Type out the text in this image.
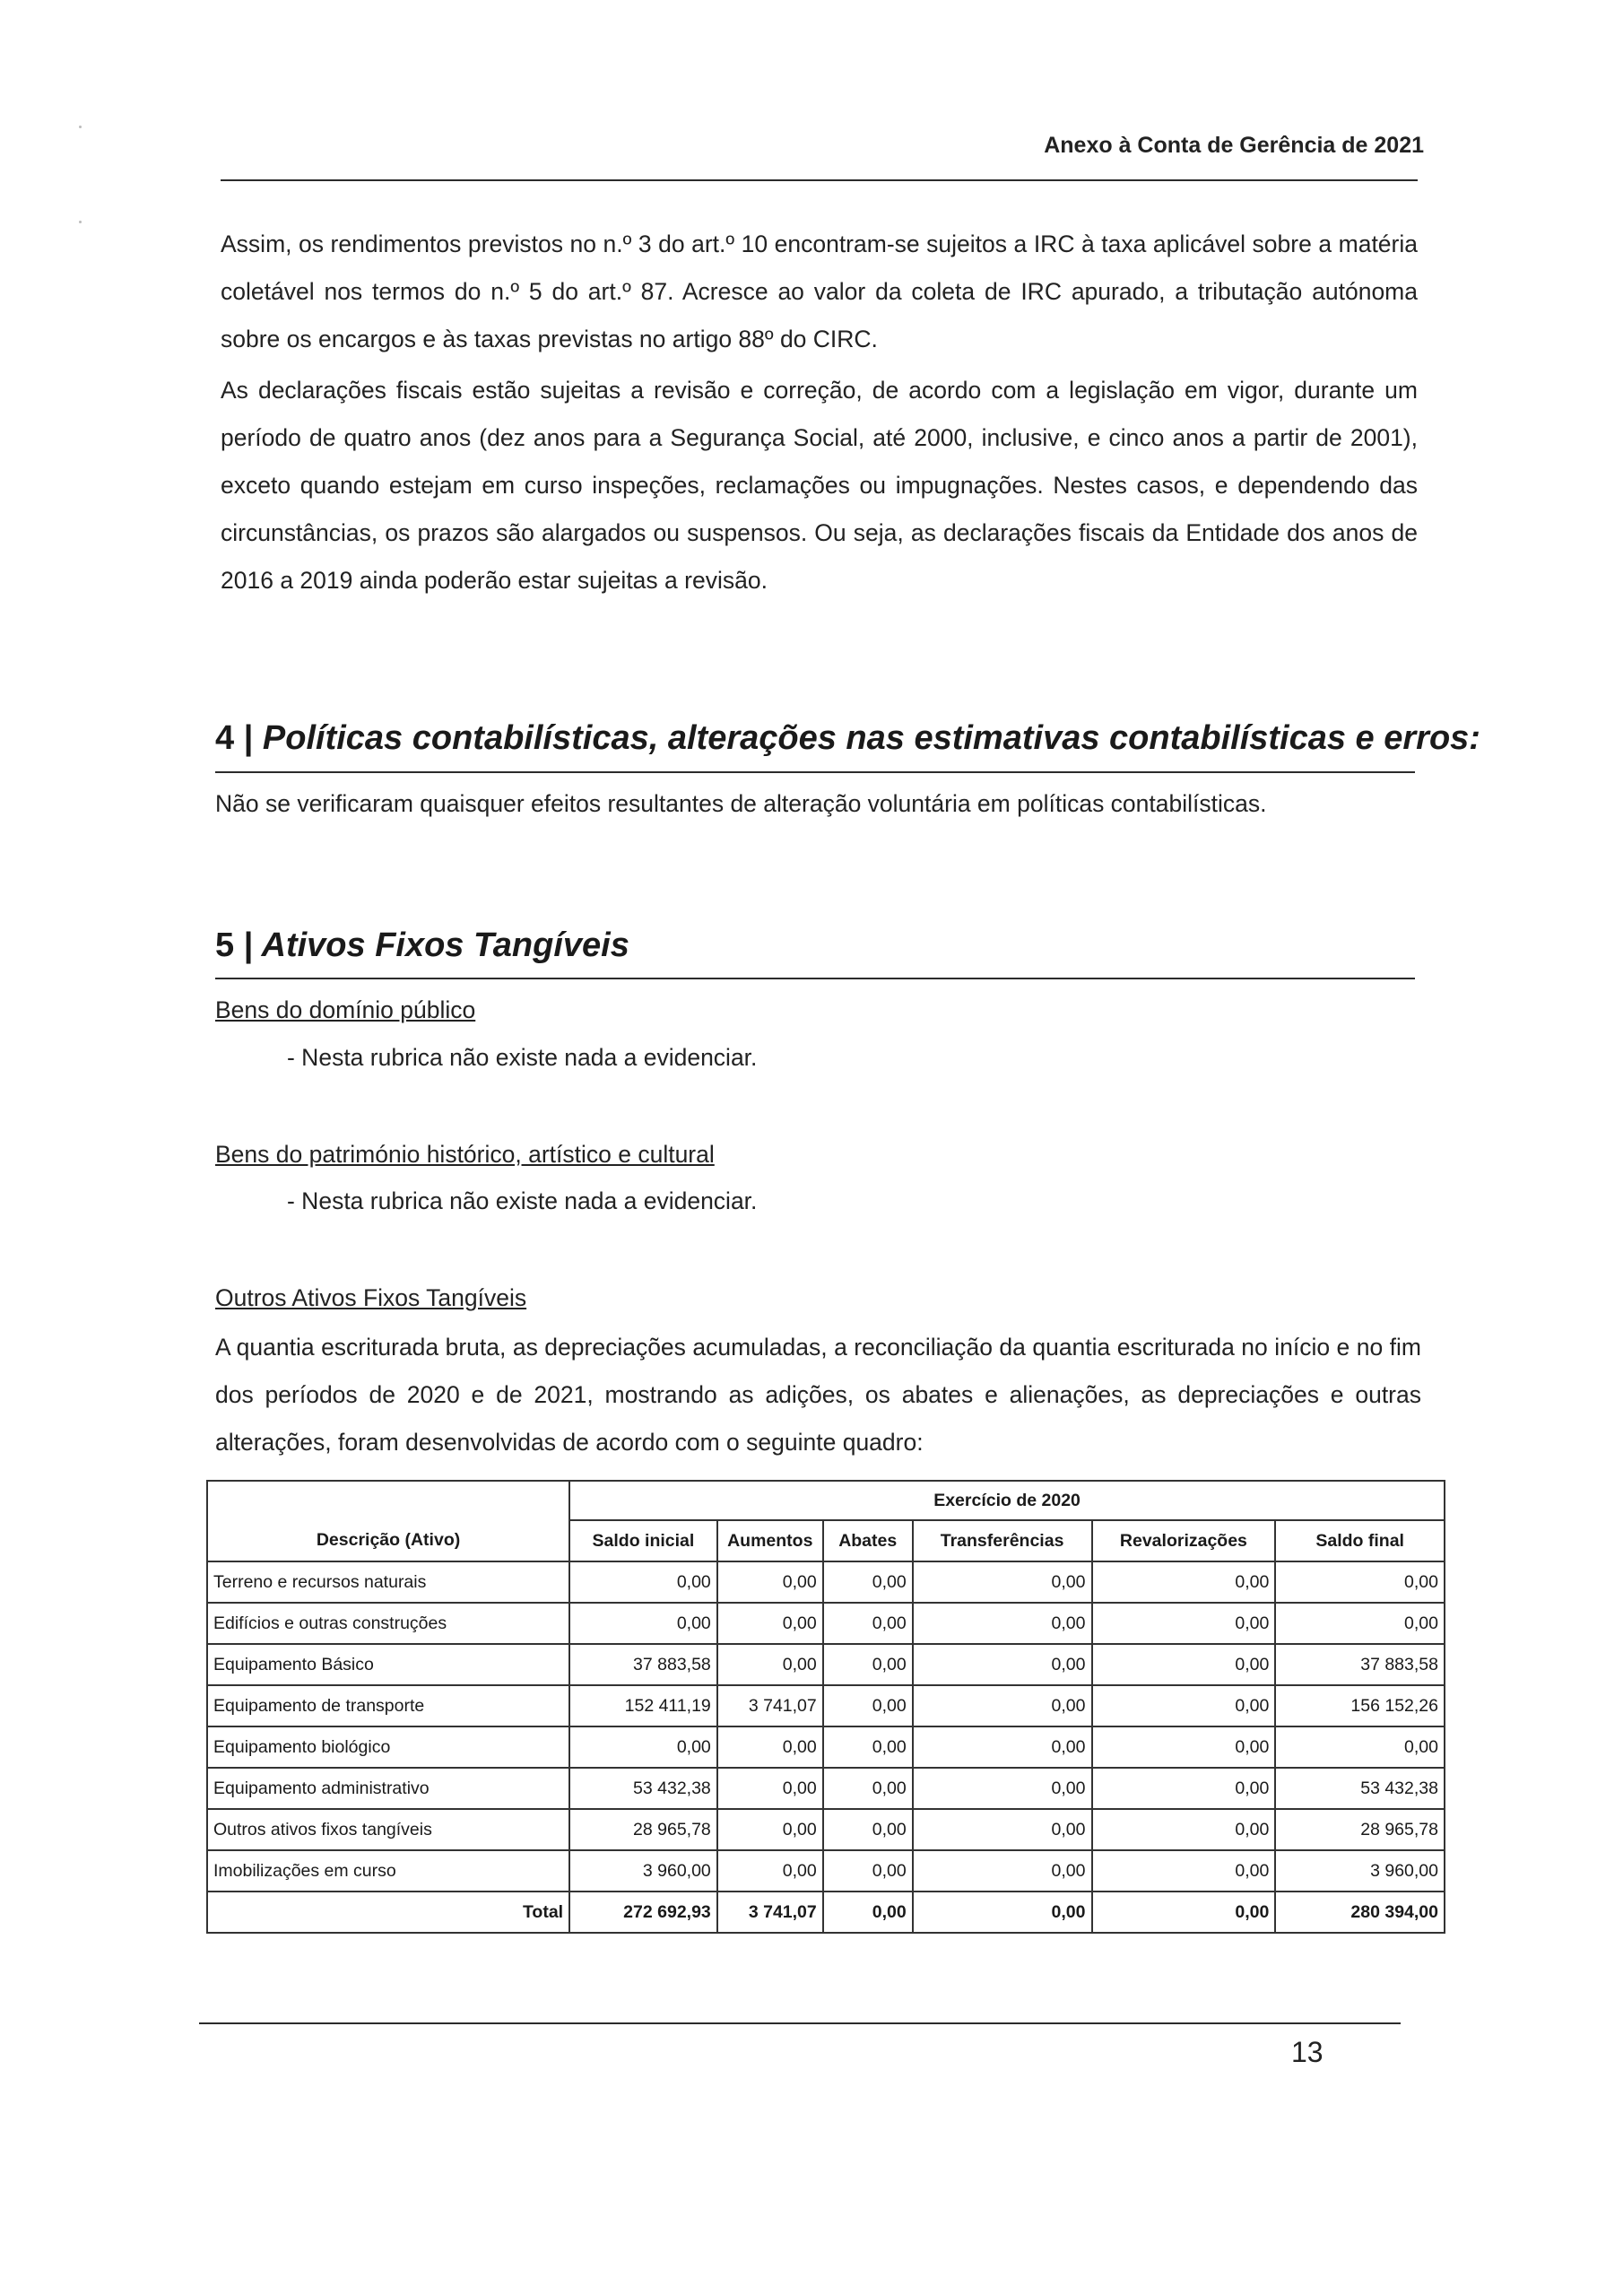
Anexo à Conta de Gerência de 2021

Assim, os rendimentos previstos no n.º 3 do art.º 10 encontram-se sujeitos a IRC à taxa aplicável sobre a matéria coletável nos termos do n.º 5 do art.º 87. Acresce ao valor da coleta de IRC apurado, a tributação autónoma sobre os encargos e às taxas previstas no artigo 88º do CIRC.

As declarações fiscais estão sujeitas a revisão e correção, de acordo com a legislação em vigor, durante um período de quatro anos (dez anos para a Segurança Social, até 2000, inclusive, e cinco anos a partir de 2001), exceto quando estejam em curso inspeções, reclamações ou impugnações. Nestes casos, e dependendo das circunstâncias, os prazos são alargados ou suspensos. Ou seja, as declarações fiscais da Entidade dos anos de 2016 a 2019 ainda poderão estar sujeitas a revisão.

4 | Políticas contabilísticas, alterações nas estimativas contabilísticas e erros:
Não se verificaram quaisquer efeitos resultantes de alteração voluntária em políticas contabilísticas.
5 | Ativos Fixos Tangíveis
Bens do domínio público
- Nesta rubrica não existe nada a evidenciar.
Bens do património histórico, artístico e cultural
- Nesta rubrica não existe nada a evidenciar.
Outros Ativos Fixos Tangíveis

A quantia escriturada bruta, as depreciações acumuladas, a reconciliação da quantia escriturada no início e no fim dos períodos de 2020 e de 2021, mostrando as adições, os abates e alienações, as depreciações e outras alterações, foram desenvolvidas de acordo com o seguinte quadro:

	Exercício de 2020					
Descrição (Ativo)	Saldo inicial	Aumentos	Abates	Transferências	Revalorizações	Saldo final
Terreno e recursos naturais	0,00	0,00	0,00	0,00	0,00	0,00
Edifícios e outras construções	0,00	0,00	0,00	0,00	0,00	0,00
Equipamento Básico	37 883,58	0,00	0,00	0,00	0,00	37 883,58
Equipamento de transporte	152 411,19	3 741,07	0,00	0,00	0,00	156 152,26
Equipamento biológico	0,00	0,00	0,00	0,00	0,00	0,00
Equipamento administrativo	53 432,38	0,00	0,00	0,00	0,00	53 432,38
Outros ativos fixos tangíveis	28 965,78	0,00	0,00	0,00	0,00	28 965,78
Imobilizações em curso	3 960,00	0,00	0,00	0,00	0,00	3 960,00
Total	272 692,93	3 741,07	0,00	0,00	0,00	280 394,00
13
